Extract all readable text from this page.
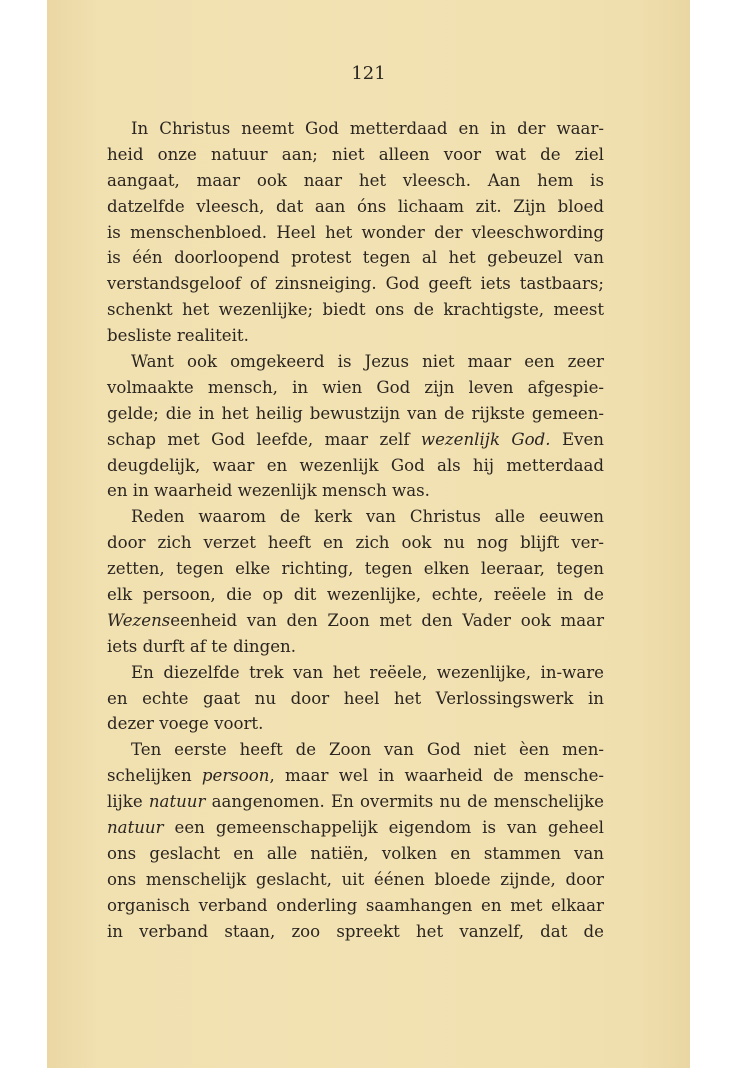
121
In Christus neemt God metterdaad en in der waar-
heid onze natuur aan; niet alleen voor wat de ziel
aangaat, maar ook naar het vleesch. Aan hem is
datzelfde vleesch, dat aan óns lichaam zit. Zijn bloed
is menschenbloed. Heel het wonder der vleeschwording
is één doorloopend protest tegen al het gebeuzel van
verstandsgeloof of zinsneiging. God geeft iets tastbaars;
schenkt het wezenlijke; biedt ons de krachtigste, meest
besliste realiteit.
Want ook omgekeerd is Jezus niet maar een zeer
volmaakte mensch, in wien God zijn leven afgespie-
gelde; die in het heilig bewustzijn van de rijkste gemeen-
schap met God leefde, maar zelf wezenlijk God. Even
deugdelijk, waar en wezenlijk God als hij metterdaad
en in waarheid wezenlijk mensch was.
Reden waarom de kerk van Christus alle eeuwen
door zich verzet heeft en zich ook nu nog blijft ver-
zetten, tegen elke richting, tegen elken leeraar, tegen
elk persoon, die op dit wezenlijke, echte, reëele in de
Wezenseenheid van den Zoon met den Vader ook maar
iets durft af te dingen.
En diezelfde trek van het reëele, wezenlijke, in-ware
en echte gaat nu door heel het Verlossingswerk in
dezer voege voort.
Ten eerste heeft de Zoon van God niet èen men-
schelijken persoon, maar wel in waarheid de mensche-
lijke natuur aangenomen. En overmits nu de menschelijke
natuur een gemeenschappelijk eigendom is van geheel
ons geslacht en alle natiën, volken en stammen van
ons menschelijk geslacht, uit éénen bloede zijnde, door
organisch verband onderling saamhangen en met elkaar
in verband staan, zoo spreekt het vanzelf, dat de
